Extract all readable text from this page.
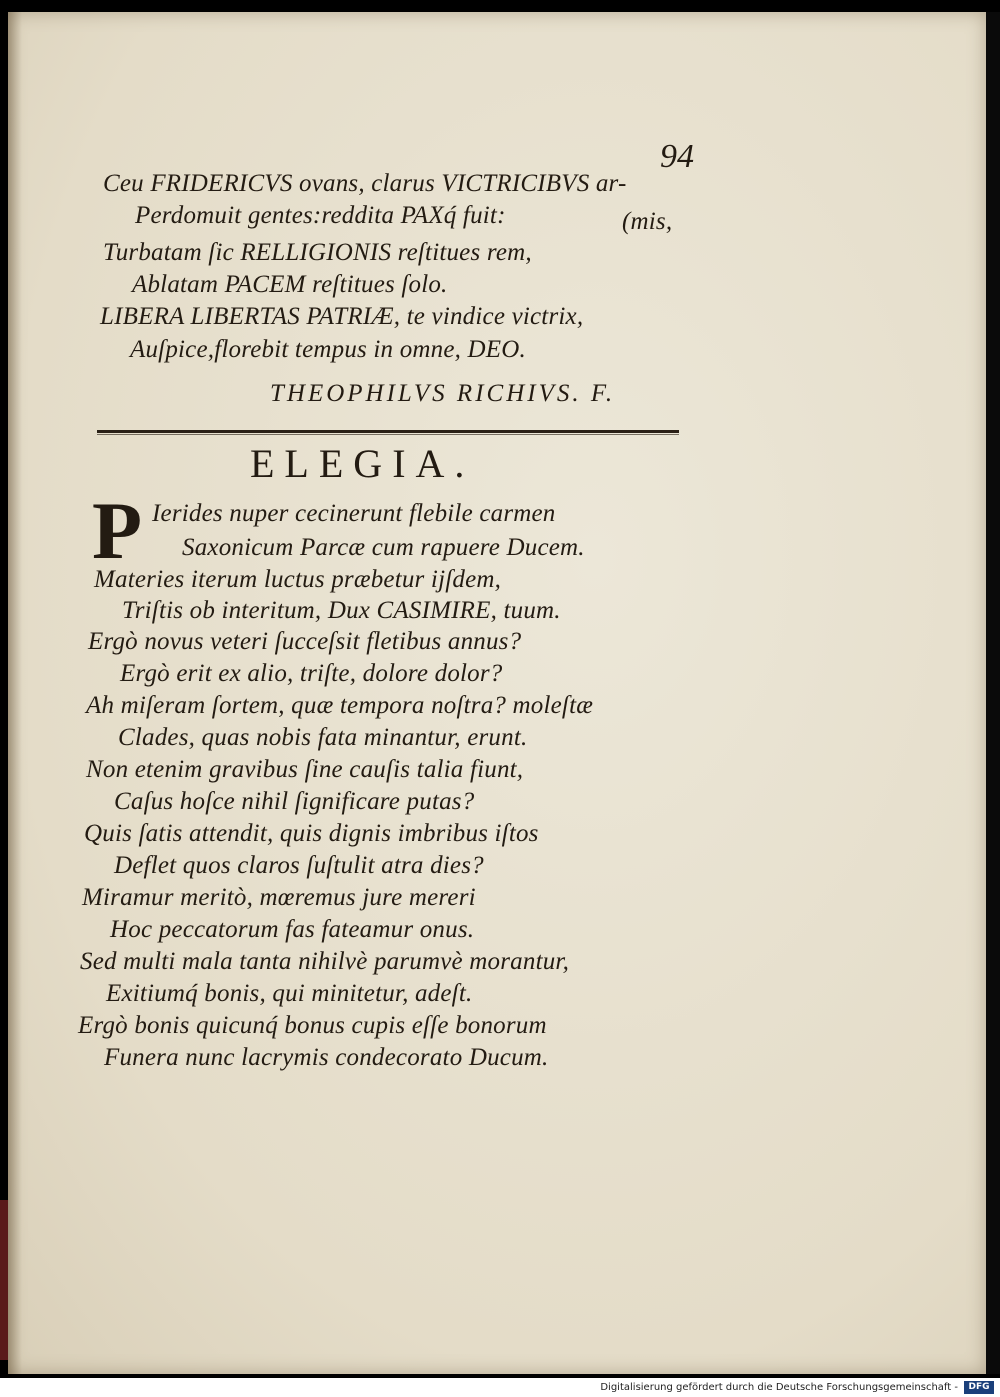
94
Ceu FRIDERICVS ovans, clarus VICTRICIBVS ar-
Perdomuit gentes:reddita PAXq́ fuit:	(mis,
Turbatam ſic RELLIGIONIS reſtitues rem,
Ablatam PACEM reſtitues ſolo.
LIBERA LIBERTAS PATRIÆ, te vindice victrix,
Auſpice,florebit tempus in omne, DEO.
THEOPHILVS RICHIVS. F.
ELEGIA.
P Ierides nuper cecinerunt flebile carmen
Saxonicum Parcæ cum rapuere Ducem.
Materies iterum luctus præbetur ijſdem,
Triſtis ob interitum, Dux CASIMIRE, tuum.
Ergò novus veteri ſucceſsit fletibus annus?
Ergò erit ex alio, triſte, dolore dolor?
Ah miſeram ſortem, quæ tempora noſtra? moleſtæ
Clades, quas nobis fata minantur, erunt.
Non etenim gravibus ſine cauſis talia fiunt,
Caſus hoſce nihil ſignificare putas?
Quis ſatis attendit, quis dignis imbribus iſtos
Deflet quos claros ſuſtulit atra dies?
Miramur meritò, mœremus jure mereri
Hoc peccatorum fas fateamur onus.
Sed multi mala tanta nihilvè parumvè morantur,
Exitiumq́ bonis, qui minitetur, adeſt.
Ergò bonis quicunq́ bonus cupis eſſe bonorum
Funera nunc lacrymis condecorato Ducum.
Digitalisierung gefördert durch die Deutsche Forschungsgemeinschaft -	DFG
